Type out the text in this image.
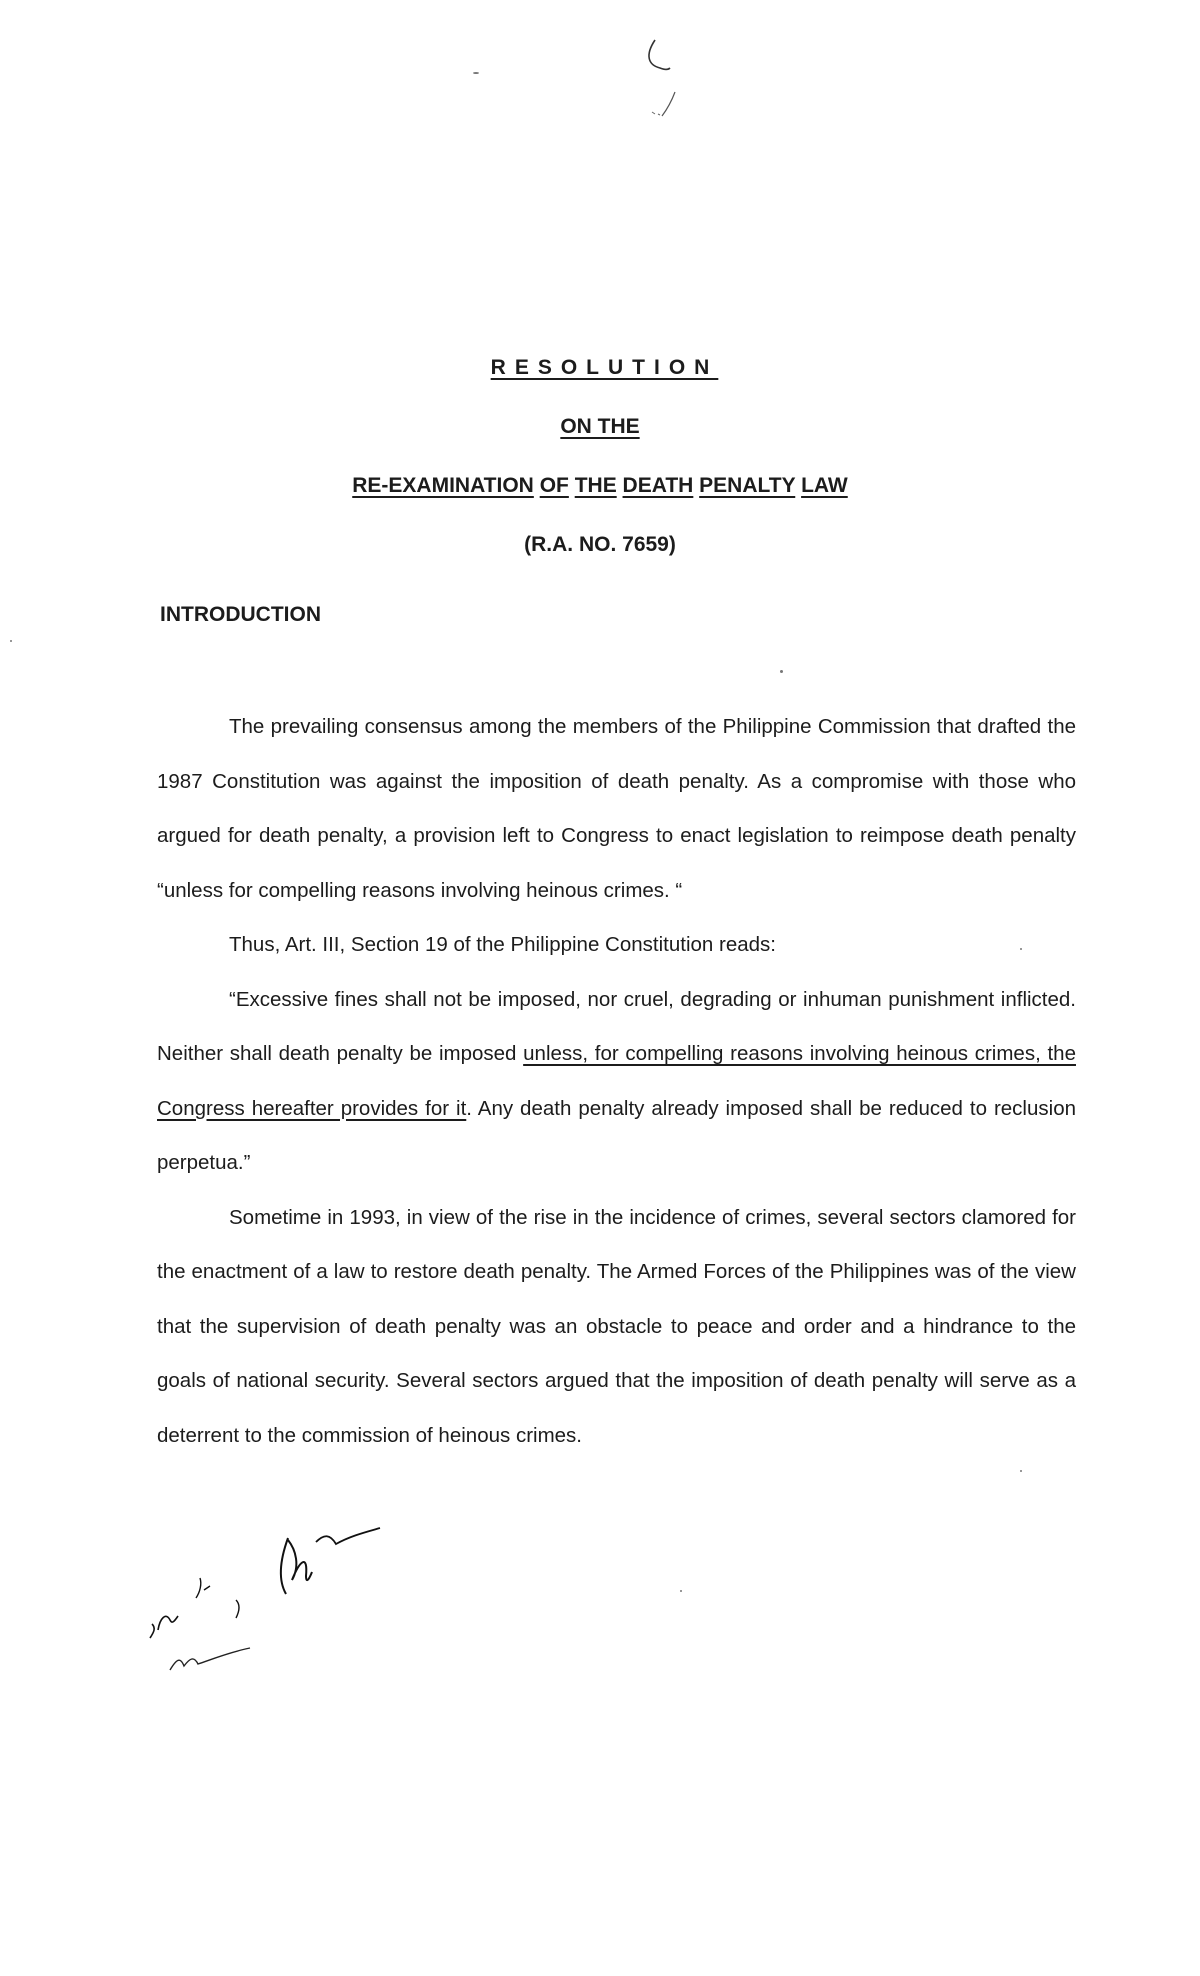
RESOLUTION
ON THE
RE-EXAMINATION OF THE DEATH PENALTY LAW
(R.A. NO. 7659)
INTRODUCTION

The prevailing consensus among the members of the Philippine Commission that drafted the 1987 Constitution was against the imposition of death penalty. As a compromise with those who argued for death penalty, a provision left to Congress to enact legislation to reimpose death penalty “unless for compelling reasons involving heinous crimes. “

Thus, Art. III, Section 19 of the Philippine Constitution reads:

“Excessive fines shall not be imposed, nor cruel, degrading or inhuman punishment inflicted. Neither shall death penalty be imposed unless, for compelling reasons involving heinous crimes, the Congress hereafter provides for it. Any death penalty already imposed shall be reduced to reclusion perpetua.”

Sometime in 1993, in view of the rise in the incidence of crimes, several sectors clamored for the enactment of a law to restore death penalty. The Armed Forces of the Philippines was of the view that the supervision of death penalty was an obstacle to peace and order and a hindrance to the goals of national security. Several sectors argued that the imposition of death penalty will serve as a deterrent to the commission of heinous crimes.
